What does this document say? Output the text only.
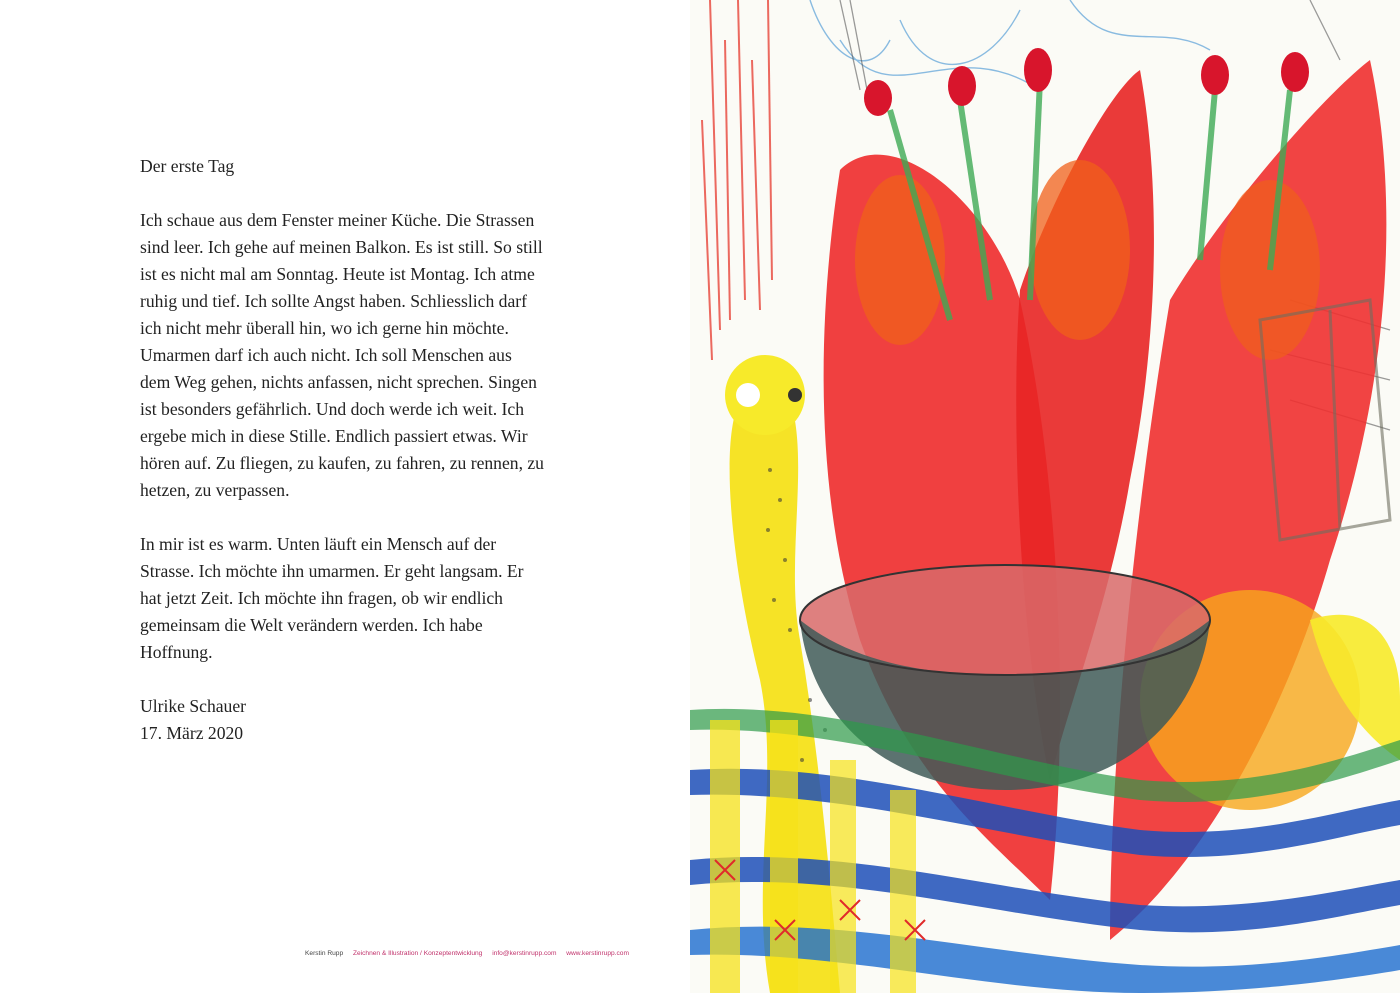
Der erste Tag

Ich schaue aus dem Fenster meiner Küche. Die Strassen sind leer. Ich gehe auf meinen Balkon. Es ist still. So still ist es nicht mal am Sonntag. Heute ist Montag. Ich atme ruhig und tief. Ich sollte Angst haben. Schliesslich darf ich nicht mehr überall hin, wo ich gerne hin möchte. Umarmen darf ich auch nicht. Ich soll Menschen aus dem Weg gehen, nichts anfassen, nicht sprechen. Singen ist besonders gefährlich. Und doch werde ich weit. Ich ergebe mich in diese Stille. Endlich passiert etwas. Wir hören auf. Zu fliegen, zu kaufen, zu fahren, zu rennen, zu hetzen, zu verpassen.

In mir ist es warm. Unten läuft ein Mensch auf der Strasse. Ich möchte ihn umarmen. Er geht langsam. Er hat jetzt Zeit. Ich möchte ihn fragen, ob wir endlich gemeinsam die Welt verändern werden. Ich habe Hoffnung.

Ulrike Schauer
17. März 2020

Kerstin Rupp Zeichnen & Illustration / Konzeptentwicklung info@kerstinrupp.com www.kerstinrupp.com
